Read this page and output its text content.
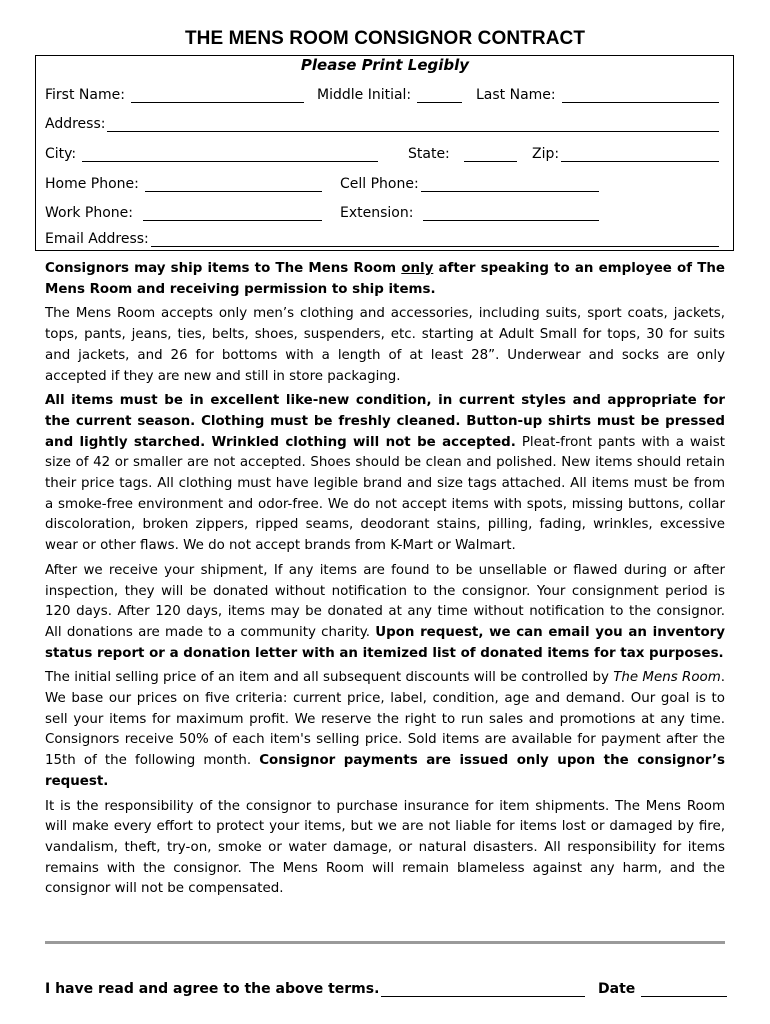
THE MENS ROOM CONSIGNOR CONTRACT
Please Print Legibly
First Name:	Middle Initial:	Last Name:
Address:
City:	State:	Zip:
Home Phone:	Cell Phone:
Work Phone:	Extension:
Email Address:

Consignors may ship items to The Mens Room only after speaking to an employee of The Mens Room and receiving permission to ship items.

The Mens Room accepts only men’s clothing and accessories, including suits, sport coats, jackets, tops, pants, jeans, ties, belts, shoes, suspenders, etc. starting at Adult Small for tops, 30 for suits and jackets, and 26 for bottoms with a length of at least 28”. Underwear and socks are only accepted if they are new and still in store packaging.

All items must be in excellent like-new condition, in current styles and appropriate for the current season. Clothing must be freshly cleaned. Button-up shirts must be pressed and lightly starched. Wrinkled clothing will not be accepted. Pleat-front pants with a waist size of 42 or smaller are not accepted. Shoes should be clean and polished. New items should retain their price tags. All clothing must have legible brand and size tags attached. All items must be from a smoke-free environment and odor-free. We do not accept items with spots, missing buttons, collar discoloration, broken zippers, ripped seams, deodorant stains, pilling, fading, wrinkles, excessive wear or other flaws. We do not accept brands from K-Mart or Walmart.

After we receive your shipment, If any items are found to be unsellable or flawed during or after inspection, they will be donated without notification to the consignor. Your consignment period is 120 days. After 120 days, items may be donated at any time without notification to the consignor. All donations are made to a community charity. Upon request, we can email you an inventory status report or a donation letter with an itemized list of donated items for tax purposes.

The initial selling price of an item and all subsequent discounts will be controlled by The Mens Room. We base our prices on five criteria: current price, label, condition, age and demand. Our goal is to sell your items for maximum profit. We reserve the right to run sales and promotions at any time. Consignors receive 50% of each item's selling price. Sold items are available for payment after the 15th of the following month. Consignor payments are issued only upon the consignor’s request.

It is the responsibility of the consignor to purchase insurance for item shipments. The Mens Room will make every effort to protect your items, but we are not liable for items lost or damaged by fire, vandalism, theft, try-on, smoke or water damage, or natural disasters. All responsibility for items remains with the consignor. The Mens Room will remain blameless against any harm, and the consignor will not be compensated.

I have read and agree to the above terms.	Date
